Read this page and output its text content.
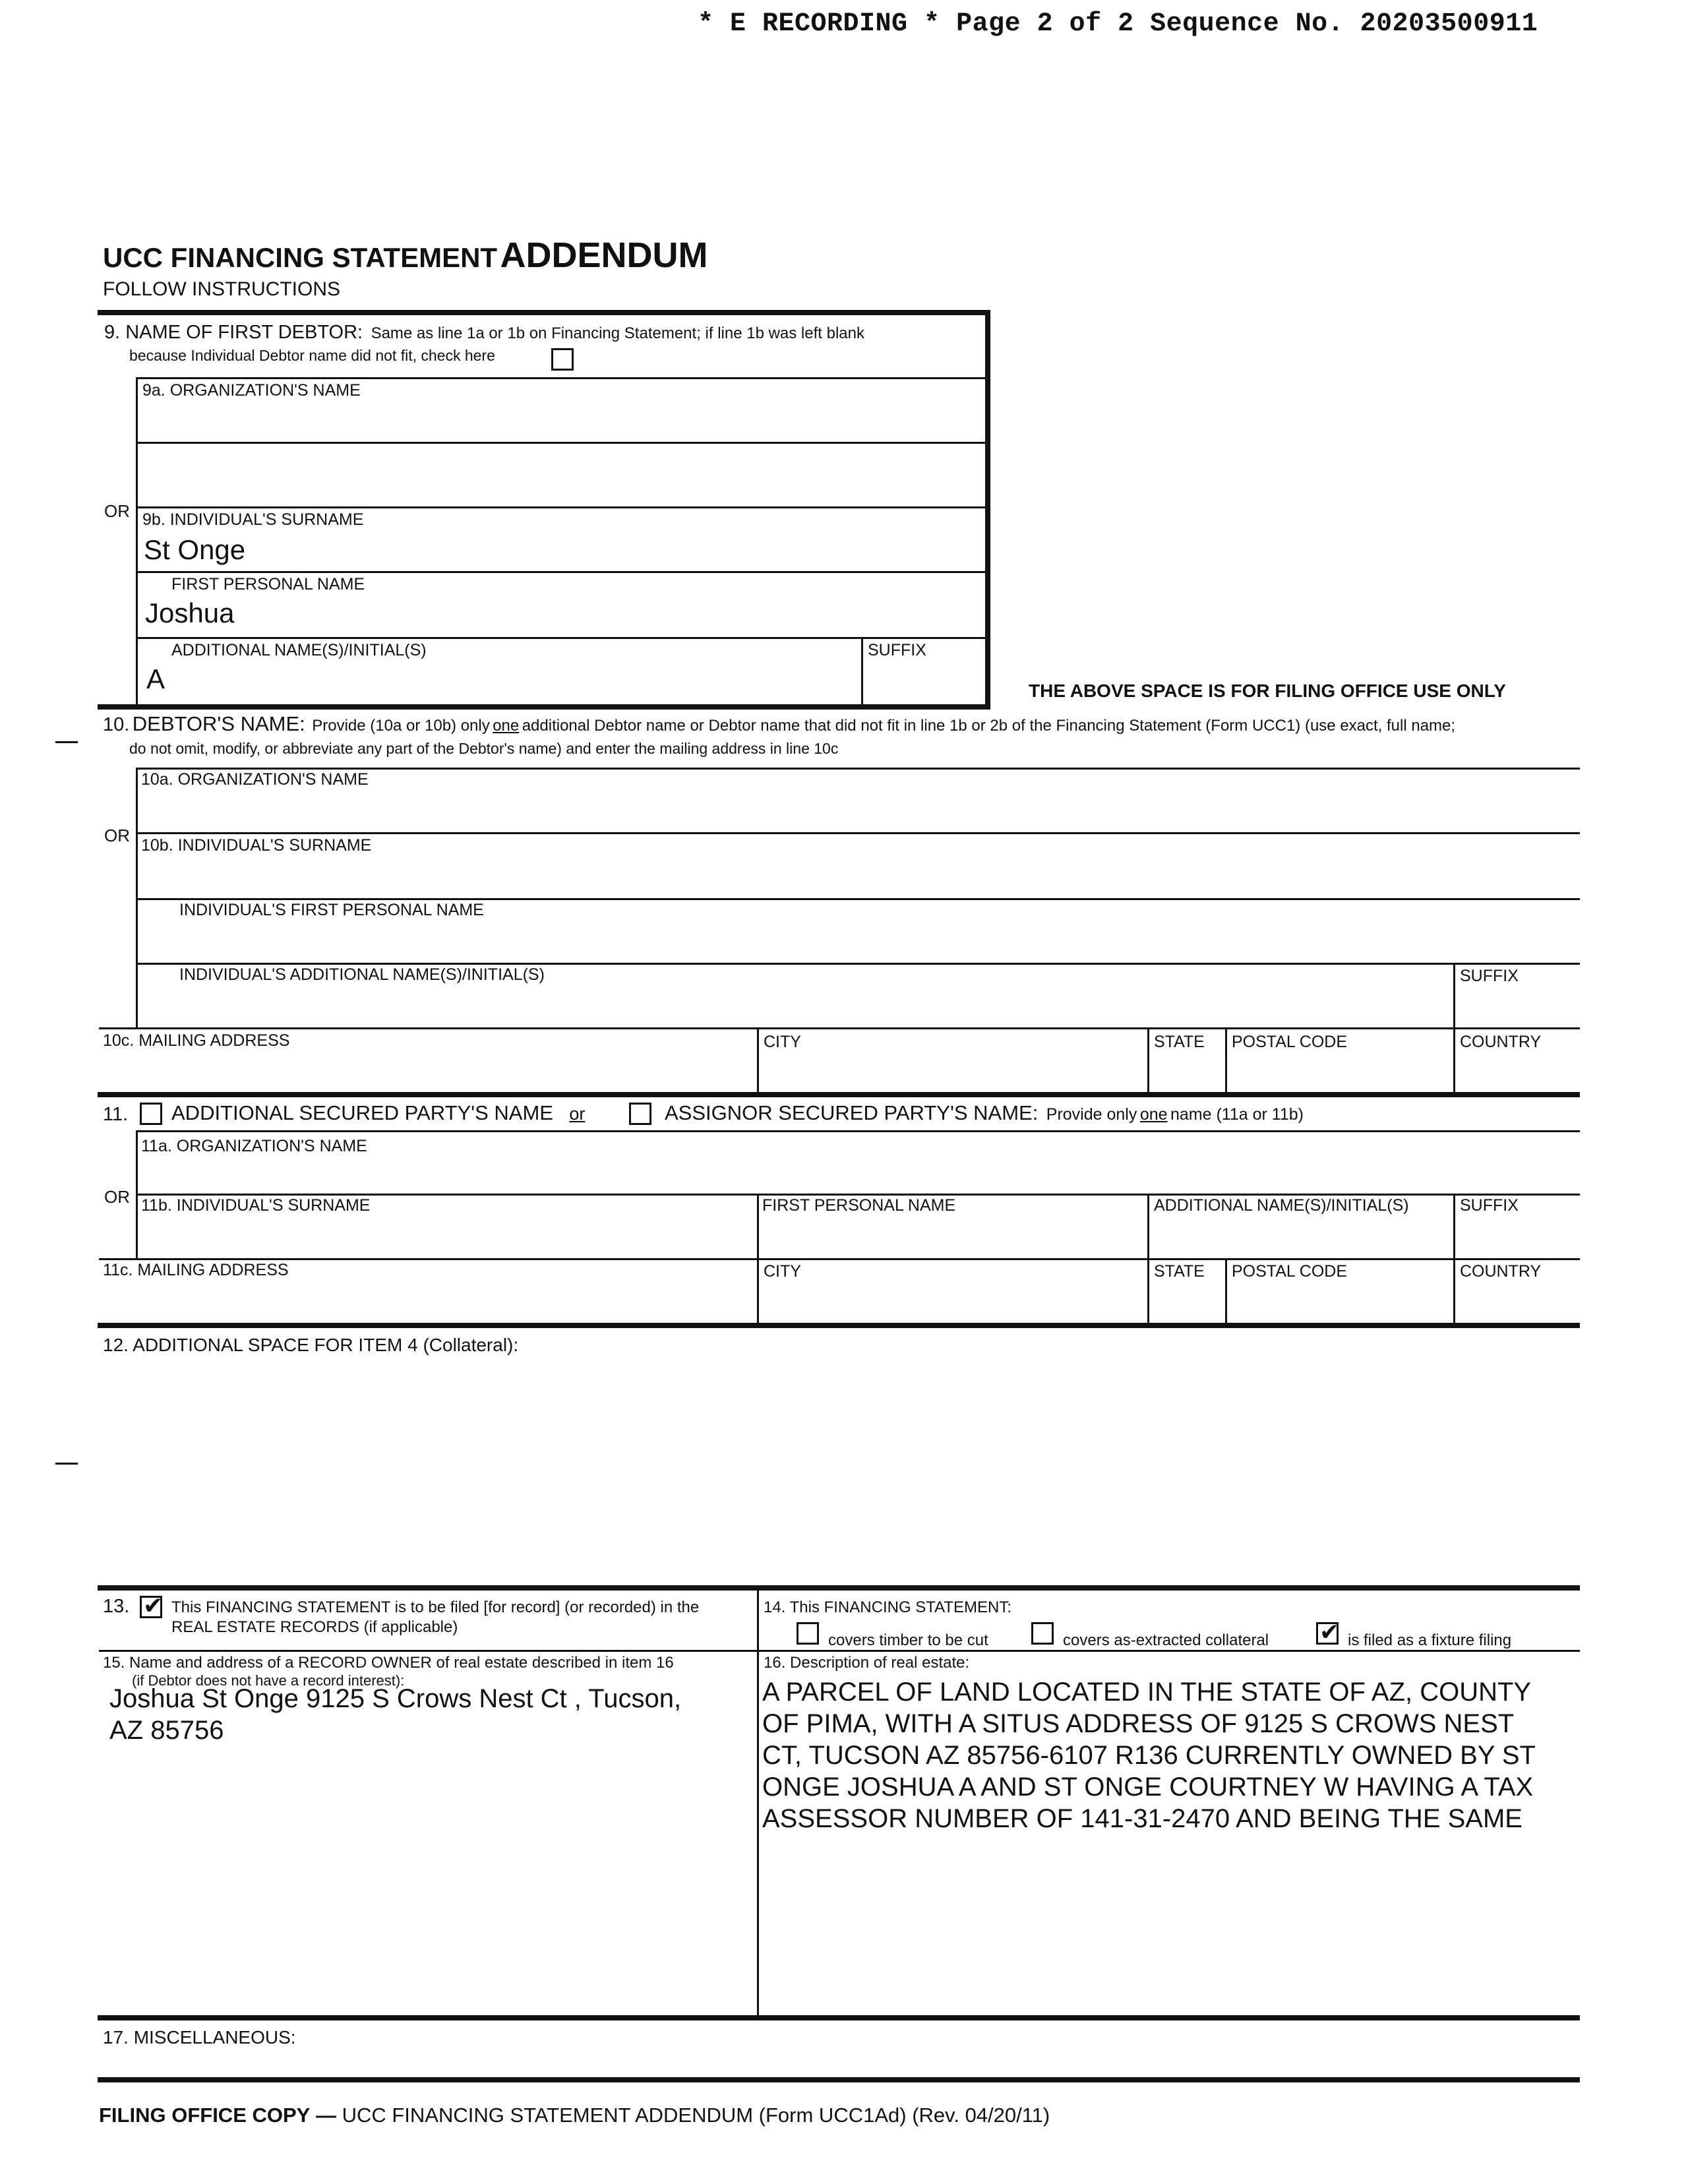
* E RECORDING * Page 2 of 2 Sequence No. 20203500911
UCC FINANCING STATEMENT ADDENDUM
FOLLOW INSTRUCTIONS
9. NAME OF FIRST DEBTOR: Same as line 1a or 1b on Financing Statement; if line 1b was left blank
because Individual Debtor name did not fit, check here
9a. ORGANIZATION'S NAME
OR 9b. INDIVIDUAL'S SURNAME
St Onge
FIRST PERSONAL NAME
Joshua
ADDITIONAL NAME(S)/INITIAL(S)	SUFFIX
A	THE ABOVE SPACE IS FOR FILING OFFICE USE ONLY
10. DEBTOR'S NAME: Provide (10a or 10b) only one additional Debtor name or Debtor name that did not fit in line 1b or 2b of the Financing Statement (Form UCC1) (use exact, full name;
do not omit, modify, or abbreviate any part of the Debtor's name) and enter the mailing address in line 10c
10a. ORGANIZATION'S NAME
OR 10b. INDIVIDUAL'S SURNAME
INDIVIDUAL'S FIRST PERSONAL NAME
INDIVIDUAL'S ADDITIONAL NAME(S)/INITIAL(S)	SUFFIX
10c. MAILING ADDRESS	CITY	STATE POSTAL CODE	COUNTRY
11. ADDITIONAL SECURED PARTY'S NAME or	ASSIGNOR SECURED PARTY'S NAME: Provide only one name (11a or 11b)
11a. ORGANIZATION'S NAME
OR 11b. INDIVIDUAL'S SURNAME	FIRST PERSONAL NAME	ADDITIONAL NAME(S)/INITIAL(S)	SUFFIX
11c. MAILING ADDRESS	CITY	STATE POSTAL CODE	COUNTRY
12. ADDITIONAL SPACE FOR ITEM 4 (Collateral):
13. ✔	This FINANCING STATEMENT is to be filed [for record] (or recorded) in the
REAL ESTATE RECORDS (if applicable)
14. This FINANCING STATEMENT:
covers timber to be cut	covers as-extracted collateral ✔	is filed as a fixture filing
15. Name and address of a RECORD OWNER of real estate described in item 16
(if Debtor does not have a record interest):
Joshua St Onge 9125 S Crows Nest Ct , Tucson,
AZ 85756
16. Description of real estate:
A PARCEL OF LAND LOCATED IN THE STATE OF AZ, COUNTY
OF PIMA, WITH A SITUS ADDRESS OF 9125 S CROWS NEST
CT, TUCSON AZ 85756-6107 R136 CURRENTLY OWNED BY ST
ONGE JOSHUA A AND ST ONGE COURTNEY W HAVING A TAX
ASSESSOR NUMBER OF 141-31-2470 AND BEING THE SAME
17. MISCELLANEOUS:
FILING OFFICE COPY — UCC FINANCING STATEMENT ADDENDUM (Form UCC1Ad) (Rev. 04/20/11)
